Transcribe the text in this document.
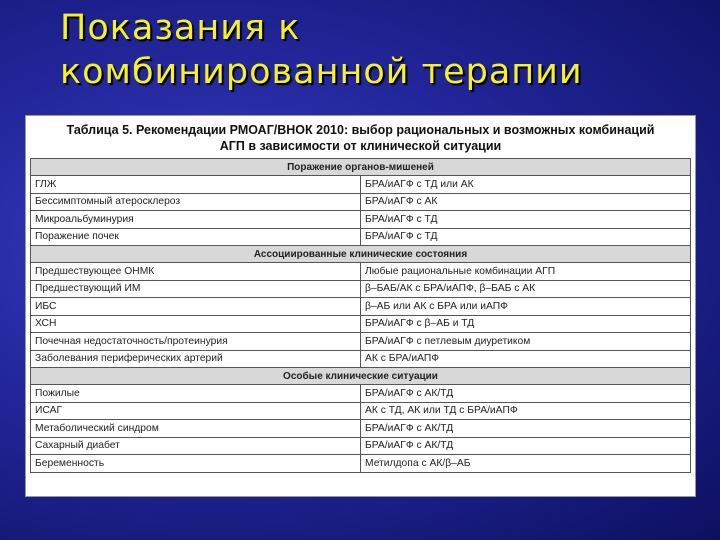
Показания к
комбинированной терапии
Таблица 5. Рекомендации РМОАГ/ВНОК 2010: выбор рациональных и возможных комбинаций
АГП в зависимости от клинической ситуации
Поражение органов-мишеней	
ГЛЖ	БРА/иАГФ с ТД или АК
Бессимптомный атеросклероз	БРА/иАГФ с АК
Микроальбуминурия	БРА/иАГФ с ТД
Поражение почек	БРА/иАГФ с ТД
Ассоциированные клинические состояния	
Предшествующее ОНМК	Любые рациональные комбинации АГП
Предшествующий ИМ	β–БАБ/АК с БРА/иАПФ, β–БАБ с АК
ИБС	β–АБ или АК с БРА или иАПФ
ХСН	БРА/иАГФ с β–АБ и ТД
Почечная недостаточность/протеинурия	БРА/иАГФ с петлевым диуретиком
Заболевания периферических артерий	АК с БРА/иАПФ
Особые клинические ситуации	
Пожилые	БРА/иАГФ с АК/ТД
ИСАГ	АК с ТД, АК или ТД с БРА/иАПФ
Метаболический синдром	БРА/иАГФ с АК/ТД
Сахарный диабет	БРА/иАГФ с АК/ТД
Беременность	Метилдопа с АК/β–АБ
